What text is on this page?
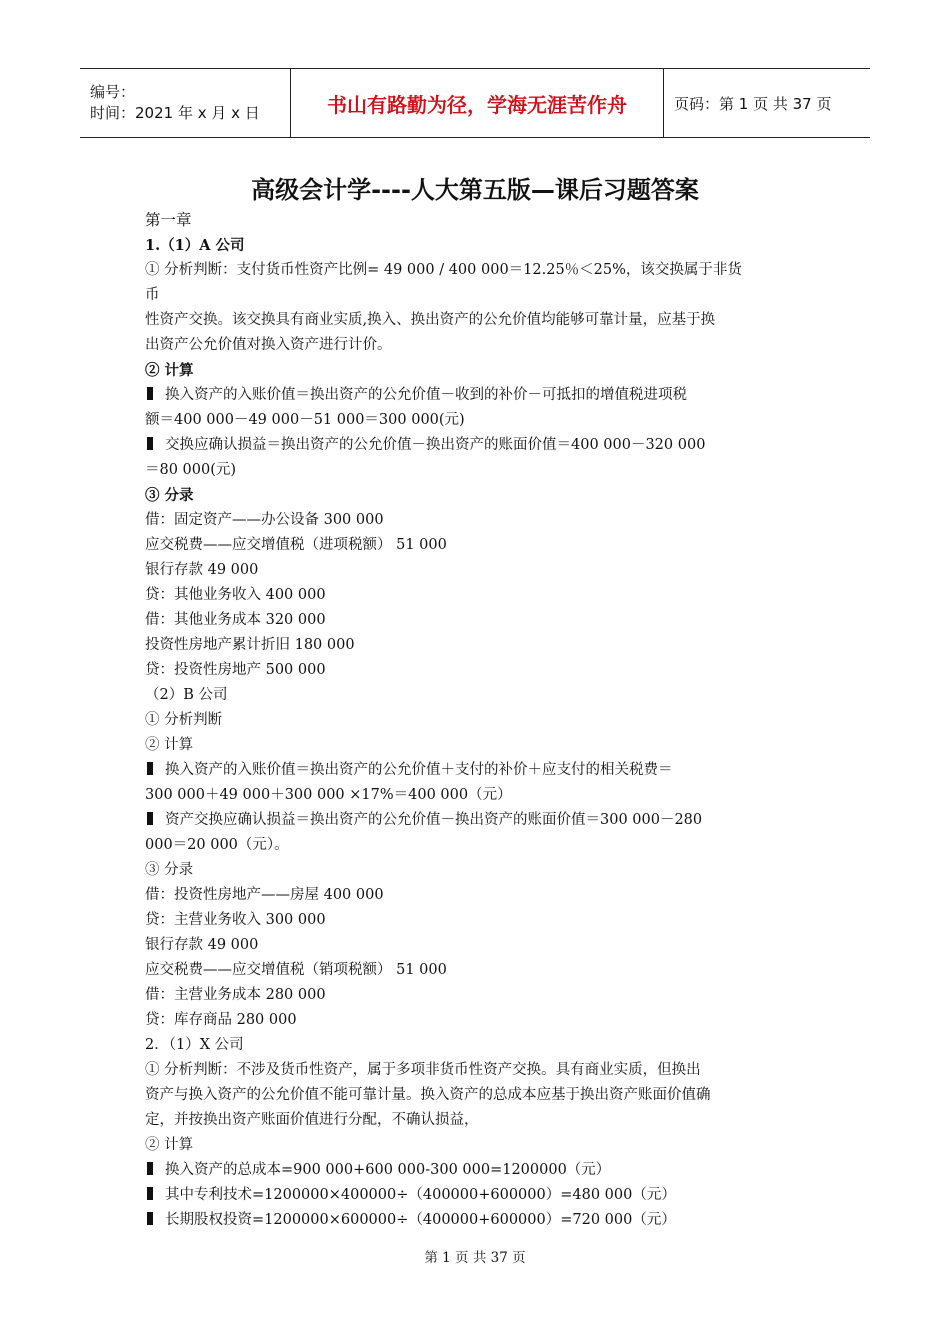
编号：
时间：2021 年 x 月 x 日	书山有路勤为径，学海无涯苦作舟	页码：第 1 页 共 37 页
高级会计学----人大第五版—课后习题答案
第一章
1.（1）A 公司
① 分析判断：支付货币性资产比例= 49 000 / 400 000＝12.25％＜25%，该交换属于非货
币
性资产交换。该交换具有商业实质,换入、换出资产的公允价值均能够可靠计量，应基于换
出资产公允价值对换入资产进行计价。
② 计算
换入资产的入账价值＝换出资产的公允价值－收到的补价－可抵扣的增值税进项税
额＝400 000－49 000－51 000＝300 000(元)
交换应确认损益＝换出资产的公允价值－换出资产的账面价值＝400 000－320 000
＝80 000(元)
③ 分录
借：固定资产——办公设备 300 000
应交税费——应交增值税（进项税额） 51 000
银行存款 49 000
贷：其他业务收入 400 000
借：其他业务成本 320 000
投资性房地产累计折旧 180 000
贷：投资性房地产 500 000
（2）B 公司
① 分析判断
② 计算
换入资产的入账价值＝换出资产的公允价值＋支付的补价＋应支付的相关税费＝
300 000＋49 000＋300 000 ×17%＝400 000（元）
资产交换应确认损益＝换出资产的公允价值－换出资产的账面价值＝300 000－280
000＝20 000（元）。
③ 分录
借：投资性房地产——房屋 400 000
贷：主营业务收入 300 000
银行存款 49 000
应交税费——应交增值税（销项税额） 51 000
借：主营业务成本 280 000
贷：库存商品 280 000
2．（1）X 公司
① 分析判断：不涉及货币性资产，属于多项非货币性资产交换。具有商业实质，但换出
资产与换入资产的公允价值不能可靠计量。换入资产的总成本应基于换出资产账面价值确
定，并按换出资产账面价值进行分配，不确认损益，
② 计算
换入资产的总成本=900 000+600 000-300 000=1200000（元）
其中专利技术=1200000×400000÷（400000+600000）=480 000（元）
长期股权投资=1200000×600000÷（400000+600000）=720 000（元）
第 1 页 共 37 页
